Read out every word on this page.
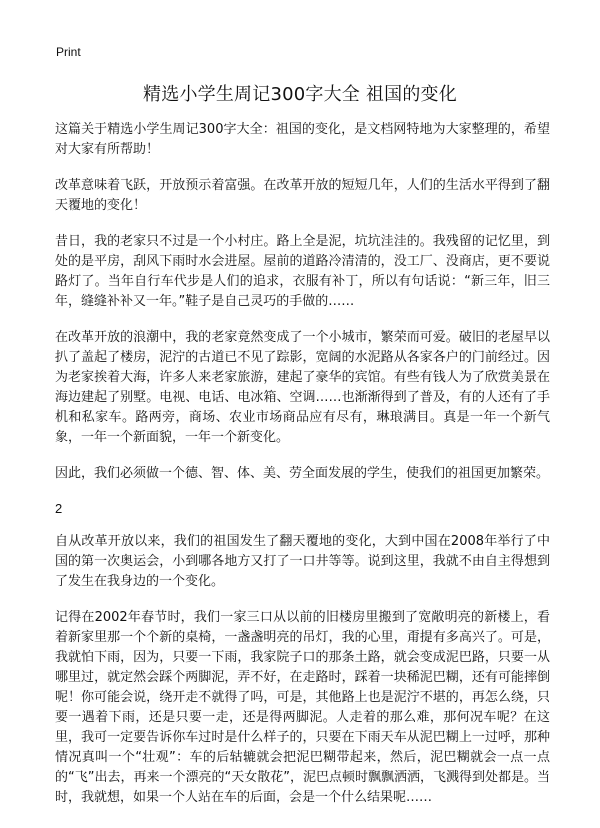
Print
精选小学生周记300字大全 祖国的变化

这篇关于精选小学生周记300字大全：祖国的变化，是文档网特地为大家整理的，希望对大家有所帮助！

改革意味着飞跃，开放预示着富强。在改革开放的短短几年，人们的生活水平得到了翻天覆地的变化！

昔日，我的老家只不过是一个小村庄。路上全是泥，坑坑洼洼的。我残留的记忆里，到处的是平房，刮风下雨时水会进屋。屋前的道路冷清清的，没工厂、没商店，更不要说路灯了。当年自行车代步是人们的追求，衣服有补丁，所以有句话说：“新三年，旧三年，缝缝补补又一年。”鞋子是自己灵巧的手做的……

在改革开放的浪潮中，我的老家竟然变成了一个小城市，繁荣而可爱。破旧的老屋早以扒了盖起了楼房，泥泞的古道已不见了踪影，宽阔的水泥路从各家各户的门前经过。因为老家挨着大海，许多人来老家旅游，建起了豪华的宾馆。有些有钱人为了欣赏美景在海边建起了别墅。电视、电话、电冰箱、空调……也渐渐得到了普及，有的人还有了手机和私家车。路两旁，商场、农业市场商品应有尽有，琳琅满目。真是一年一个新气象，一年一个新面貌，一年一个新变化。

因此，我们必须做一个德、智、体、美、劳全面发展的学生，使我们的祖国更加繁荣。

2

自从改革开放以来，我们的祖国发生了翻天覆地的变化，大到中国在2008年举行了中国的第一次奥运会，小到哪各地方又打了一口井等等。说到这里，我就不由自主得想到了发生在我身边的一个变化。

记得在2002年春节时，我们一家三口从以前的旧楼房里搬到了宽敞明亮的新楼上，看着新家里那一个个新的桌椅，一盏盏明亮的吊灯，我的心里，甭提有多高兴了。可是，我就怕下雨，因为，只要一下雨，我家院子口的那条土路，就会变成泥巴路，只要一从哪里过，就定然会踩个两脚泥，弄不好，在走路时，踩着一块稀泥巴糊，还有可能摔倒呢！你可能会说，绕开走不就得了吗，可是，其他路上也是泥泞不堪的，再怎么绕，只要一遇着下雨，还是只要一走，还是得两脚泥。人走着的那么难，那何况车呢？在这里，我可一定要告诉你车过时是什么样子的，只要在下雨天车从泥巴糊上一过呼，那种情况真叫一个“壮观”：车的后轱辘就会把泥巴糊带起来，然后，泥巴糊就会一点一点的“飞”出去，再来一个漂亮的“天女散花”，泥巴点顿时飘飘洒洒，飞溅得到处都是。当时，我就想，如果一个人站在车的后面，会是一个什么结果呢……
